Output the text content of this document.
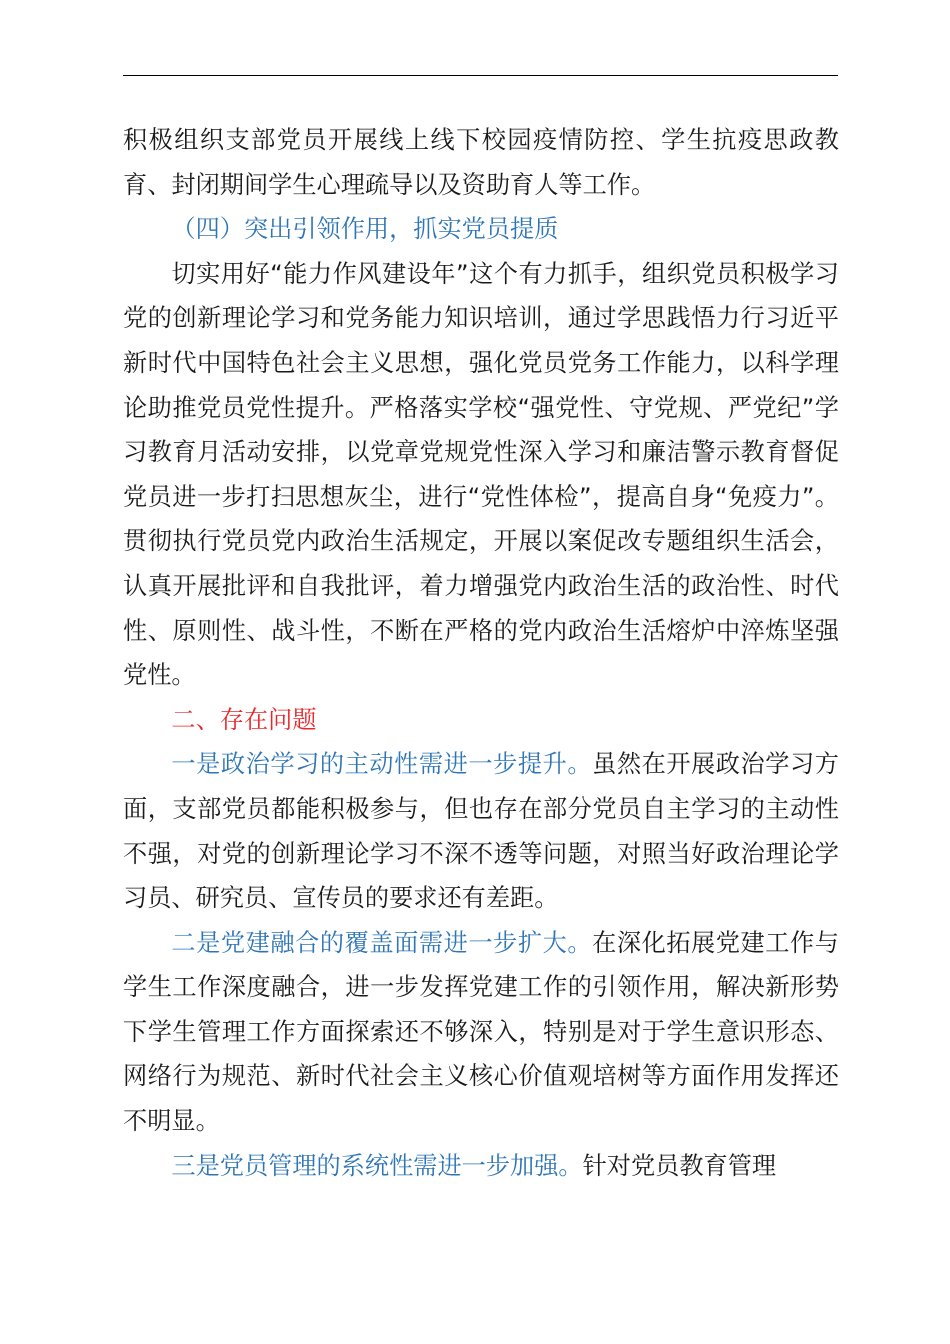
积极组织支部党员开展线上线下校园疫情防控、学生抗疫思政教育、封闭期间学生心理疏导以及资助育人等工作。

（四）突出引领作用，抓实党员提质

切实用好“能力作风建设年”这个有力抓手，组织党员积极学习党的创新理论学习和党务能力知识培训，通过学思践悟力行习近平新时代中国特色社会主义思想，强化党员党务工作能力，以科学理论助推党员党性提升。严格落实学校“强党性、守党规、严党纪”学习教育月活动安排，以党章党规党性深入学习和廉洁警示教育督促党员进一步打扫思想灰尘，进行“党性体检”，提高自身“免疫力”。贯彻执行党员党内政治生活规定，开展以案促改专题组织生活会，认真开展批评和自我批评，着力增强党内政治生活的政治性、时代性、原则性、战斗性，不断在严格的党内政治生活熔炉中淬炼坚强党性。

二、存在问题

一是政治学习的主动性需进一步提升。虽然在开展政治学习方面，支部党员都能积极参与，但也存在部分党员自主学习的主动性不强，对党的创新理论学习不深不透等问题，对照当好政治理论学习员、研究员、宣传员的要求还有差距。

二是党建融合的覆盖面需进一步扩大。在深化拓展党建工作与学生工作深度融合，进一步发挥党建工作的引领作用，解决新形势下学生管理工作方面探索还不够深入，特别是对于学生意识形态、网络行为规范、新时代社会主义核心价值观培树等方面作用发挥还不明显。

三是党员管理的系统性需进一步加强。针对党员教育管理
